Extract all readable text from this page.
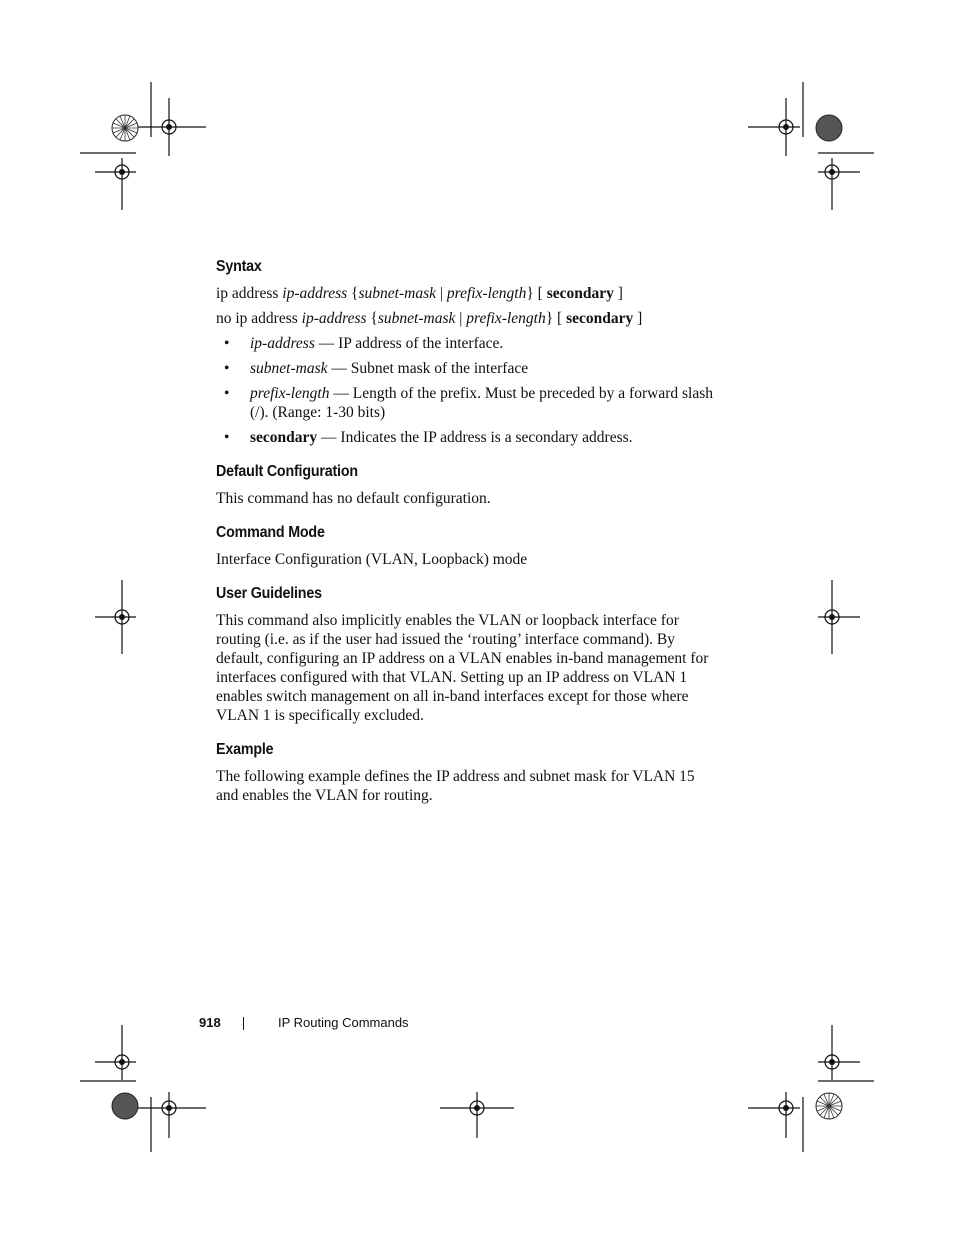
Syntax

ip address ip-address {subnet-mask | prefix-length} [ secondary ]

no ip address ip-address {subnet-mask | prefix-length} [ secondary ]

• ip-address — IP address of the interface.
• subnet-mask — Subnet mask of the interface
• prefix-length — Length of the prefix. Must be preceded by a forward slash (/). (Range: 1-30 bits)
• secondary — Indicates the IP address is a secondary address.
Default Configuration

This command has no default configuration.

Command Mode

Interface Configuration (VLAN, Loopback) mode

User Guidelines

This command also implicitly enables the VLAN or loopback interface for routing (i.e. as if the user had issued the ‘routing’ interface command). By default, configuring an IP address on a VLAN enables in-band management for interfaces configured with that VLAN. Setting up an IP address on VLAN 1 enables switch management on all in-band interfaces except for those where VLAN 1 is specifically excluded.

Example

The following example defines the IP address and subnet mask for VLAN 15 and enables the VLAN for routing.

918	IP Routing Commands
